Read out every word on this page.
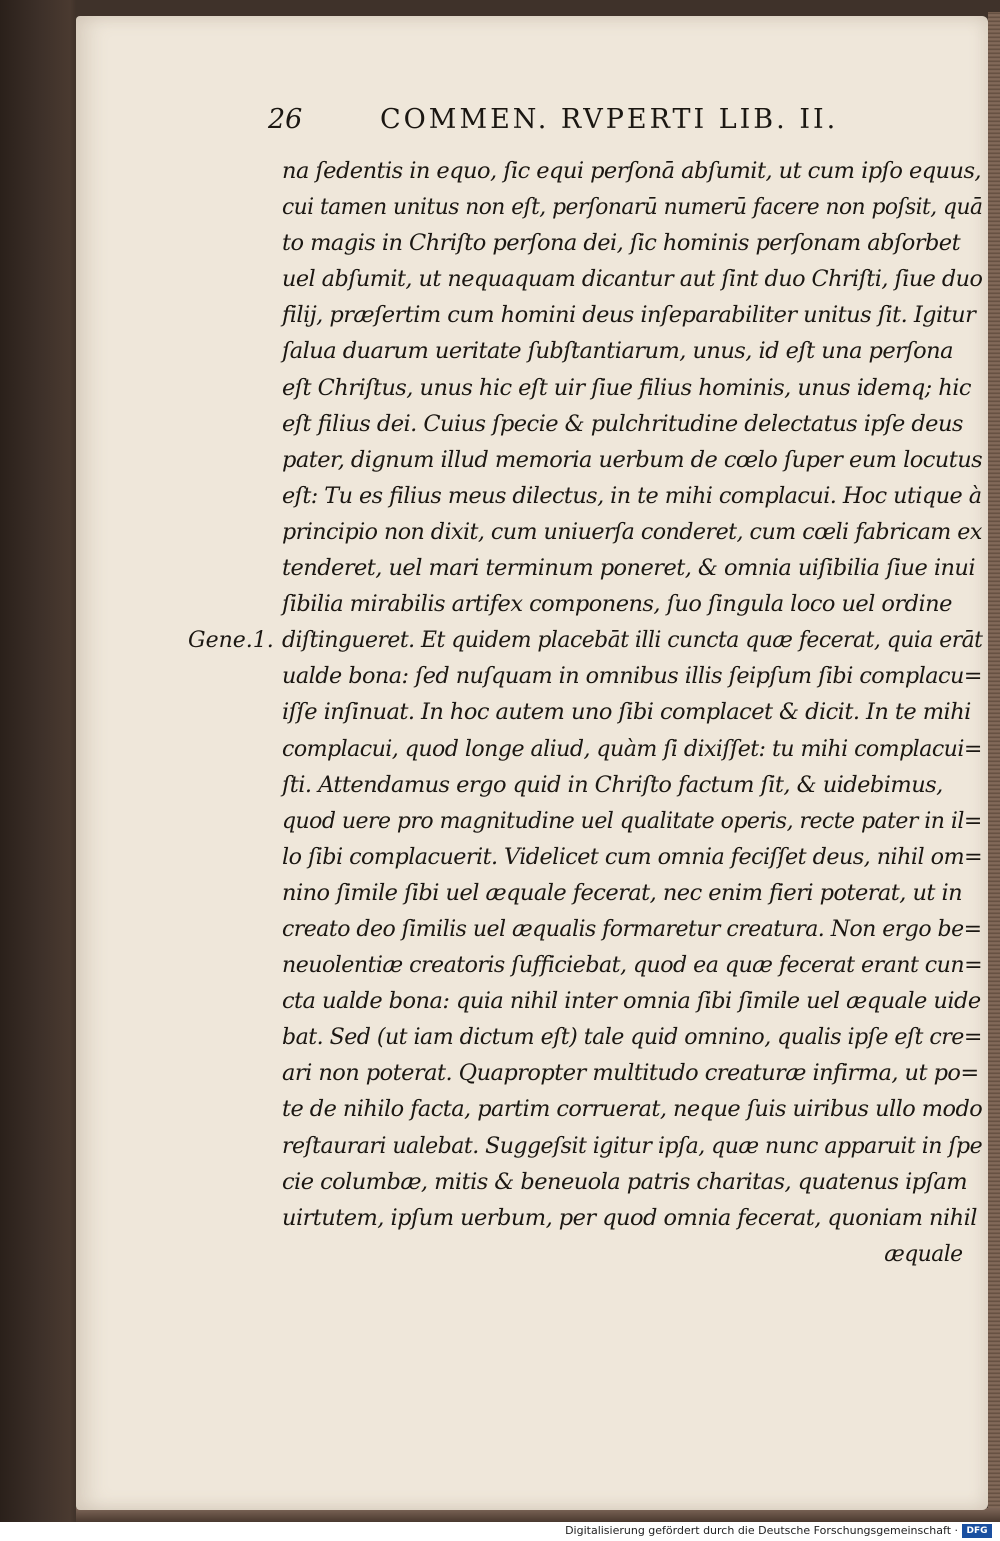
26	COMMEN. RVPERTI LIB. II.
Gene.1.
na ſedentis in equo, ſic equi perſonā abſumit, ut cum ipſo equus,
cui tamen unitus non eſt, perſonarū numerū facere non poſsit, quā
to magis in Chriſto perſona dei, ſic hominis perſonam abſorbet
uel abſumit, ut nequaquam dicantur aut ſint duo Chriſti, ſiue duo
filij, præſertim cum homini deus inſeparabiliter unitus ſit. Igitur
ſalua duarum ueritate ſubſtantiarum, unus, id eſt una perſona
eſt Chriſtus, unus hic eſt uir ſiue filius hominis, unus idemq; hic
eſt filius dei. Cuius ſpecie & pulchritudine delectatus ipſe deus
pater, dignum illud memoria uerbum de cœlo ſuper eum locutus
eſt: Tu es filius meus dilectus, in te mihi complacui. Hoc utique à
principio non dixit, cum uniuerſa conderet, cum cœli fabricam ex
tenderet, uel mari terminum poneret, & omnia uiſibilia ſiue inui
ſibilia mirabilis artifex componens, ſuo ſingula loco uel ordine
diſtingueret. Et quidem placebāt illi cuncta quæ fecerat, quia erāt
ualde bona: ſed nuſquam in omnibus illis ſeipſum ſibi complacu=
iſſe inſinuat. In hoc autem uno ſibi complacet & dicit. In te mihi
complacui, quod longe aliud, quàm ſi dixiſſet: tu mihi complacui=
ſti. Attendamus ergo quid in Chriſto factum ſit, & uidebimus,
quod uere pro magnitudine uel qualitate operis, recte pater in il=
lo ſibi complacuerit. Videlicet cum omnia feciſſet deus, nihil om=
nino ſimile ſibi uel æquale fecerat, nec enim fieri poterat, ut in
creato deo ſimilis uel æqualis formaretur creatura. Non ergo be=
neuolentiæ creatoris ſufficiebat, quod ea quæ fecerat erant cun=
cta ualde bona: quia nihil inter omnia ſibi ſimile uel æquale uide
bat. Sed (ut iam dictum eſt) tale quid omnino, qualis ipſe eſt cre=
ari non poterat. Quapropter multitudo creaturæ infirma, ut po=
te de nihilo facta, partim corruerat, neque ſuis uiribus ullo modo
reſtaurari ualebat. Suggeſsit igitur ipſa, quæ nunc apparuit in ſpe
cie columbæ, mitis & beneuola patris charitas, quatenus ipſam
uirtutem, ipſum uerbum, per quod omnia fecerat, quoniam nihil
æquale
Digitalisierung gefördert durch die Deutsche Forschungsgemeinschaft · DFG
